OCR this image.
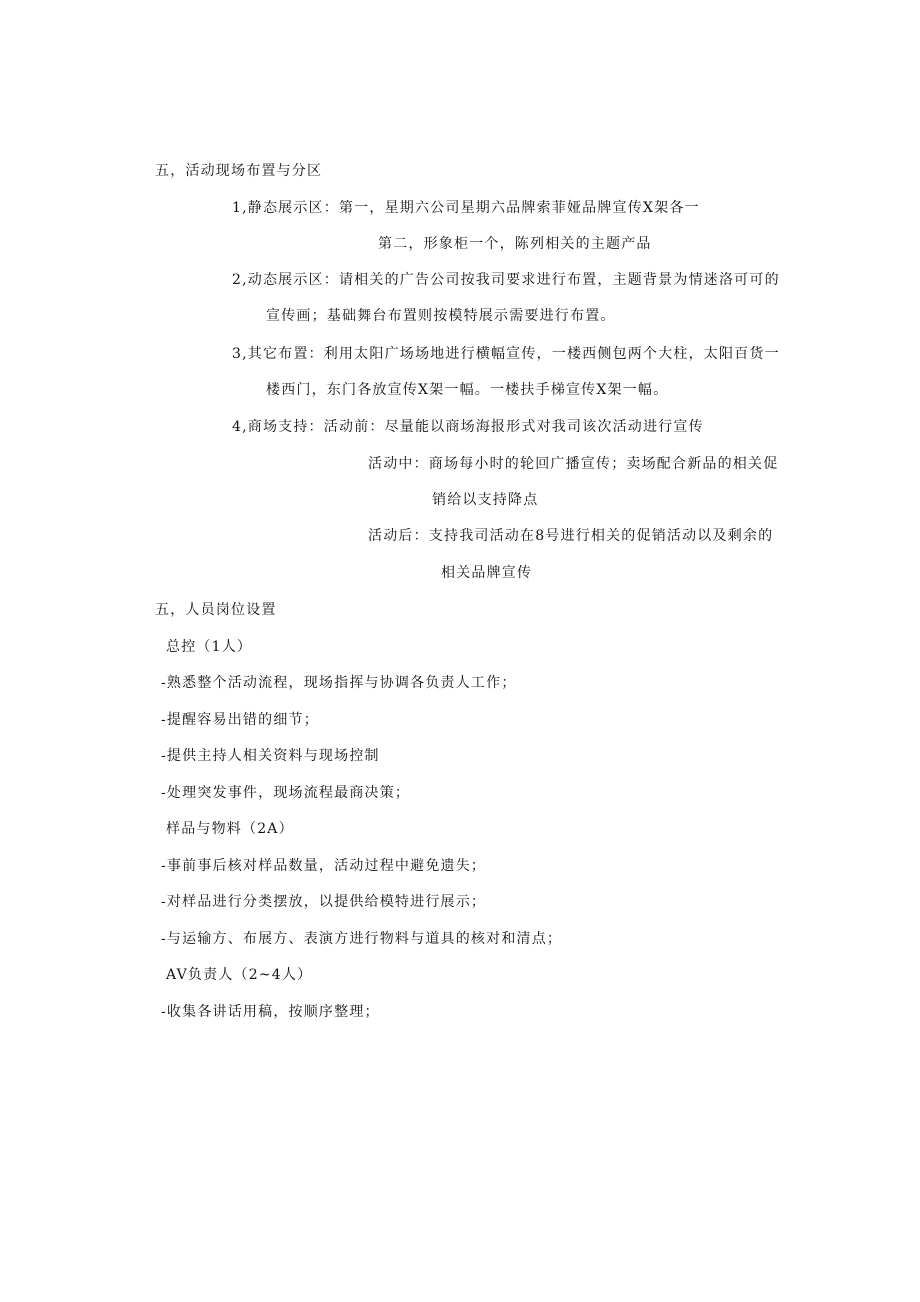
五，活动现场布置与分区
1,静态展示区：第一，星期六公司星期六品牌索菲娅品牌宣传X架各一
第二，形象柜一个，陈列相关的主题产品
2,动态展示区：请相关的广告公司按我司要求进行布置，主题背景为情迷洛可可的
宣传画；基础舞台布置则按模特展示需要进行布置。
3,其它布置：利用太阳广场场地进行横幅宣传，一楼西侧包两个大柱，太阳百货一
楼西门，东门各放宣传X架一幅。一楼扶手梯宣传X架一幅。
4,商场支持：活动前：尽量能以商场海报形式对我司该次活动进行宣传
活动中：商场每小时的轮回广播宣传；卖场配合新品的相关促
销给以支持降点
活动后：支持我司活动在8号进行相关的促销活动以及剩余的
相关品牌宣传
五，人员岗位设置
总控（1人）
-熟悉整个活动流程，现场指挥与协调各负责人工作；
-提醒容易出错的细节；
-提供主持人相关资料与现场控制
-处理突发事件，现场流程最商决策；
样品与物料（2A）
-事前事后核对样品数量，活动过程中避免遗失；
-对样品进行分类摆放，以提供给模特进行展示；
-与运输方、布展方、表演方进行物料与道具的核对和清点；
AV负责人（2~4人）
-收集各讲话用稿，按顺序整理；
